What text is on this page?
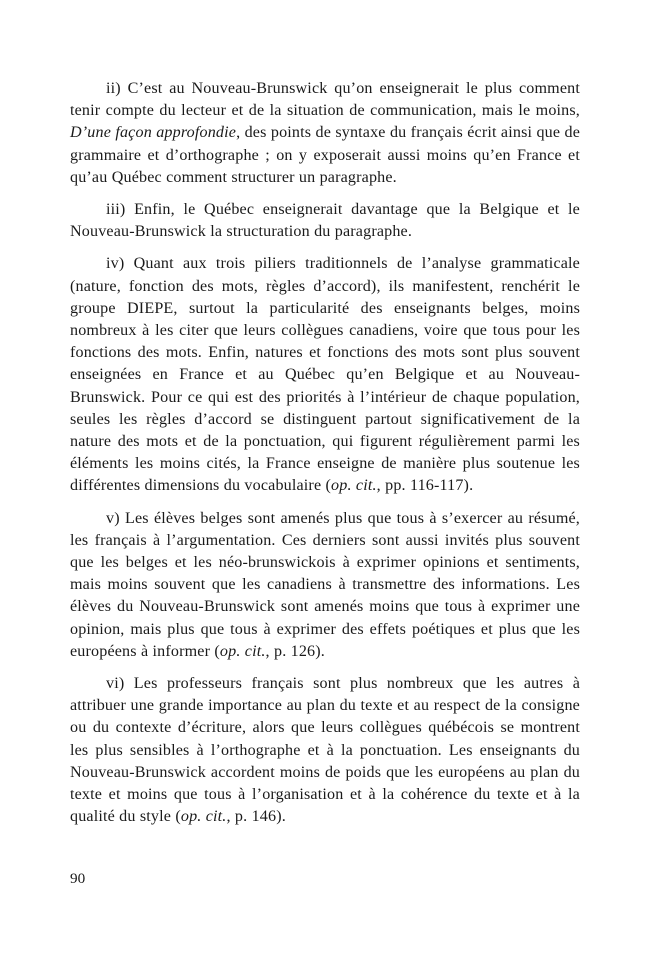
ii) C’est au Nouveau-Brunswick qu’on enseignerait le plus comment tenir compte du lecteur et de la situation de communication, mais le moins, D’une façon approfondie, des points de syntaxe du français écrit ainsi que de grammaire et d’orthographe ; on y exposerait aussi moins qu’en France et qu’au Québec comment structurer un paragraphe.

iii) Enfin, le Québec enseignerait davantage que la Belgique et le Nouveau-Brunswick la structuration du paragraphe.

iv) Quant aux trois piliers traditionnels de l’analyse grammaticale (nature, fonction des mots, règles d’accord), ils manifestent, renchérit le groupe DIEPE, surtout la particularité des enseignants belges, moins nombreux à les citer que leurs collègues canadiens, voire que tous pour les fonctions des mots. Enfin, natures et fonctions des mots sont plus souvent enseignées en France et au Québec qu’en Belgique et au Nouveau-Brunswick. Pour ce qui est des priorités à l’intérieur de chaque population, seules les règles d’accord se distinguent partout significativement de la nature des mots et de la ponctuation, qui figurent régulièrement parmi les éléments les moins cités, la France enseigne de manière plus soutenue les différentes dimensions du vocabulaire (op. cit., pp. 116-117).

v) Les élèves belges sont amenés plus que tous à s’exercer au résumé, les français à l’argumentation. Ces derniers sont aussi invités plus souvent que les belges et les néo-brunswickois à exprimer opinions et sentiments, mais moins souvent que les canadiens à transmettre des informations. Les élèves du Nouveau-Brunswick sont amenés moins que tous à exprimer une opinion, mais plus que tous à exprimer des effets poétiques et plus que les européens à informer (op. cit., p. 126).

vi) Les professeurs français sont plus nombreux que les autres à attribuer une grande importance au plan du texte et au respect de la consigne ou du contexte d’écriture, alors que leurs collègues québécois se montrent les plus sensibles à l’orthographe et à la ponctuation. Les enseignants du Nouveau-Brunswick accordent moins de poids que les européens au plan du texte et moins que tous à l’organisation et à la cohérence du texte et à la qualité du style (op. cit., p. 146).

90
